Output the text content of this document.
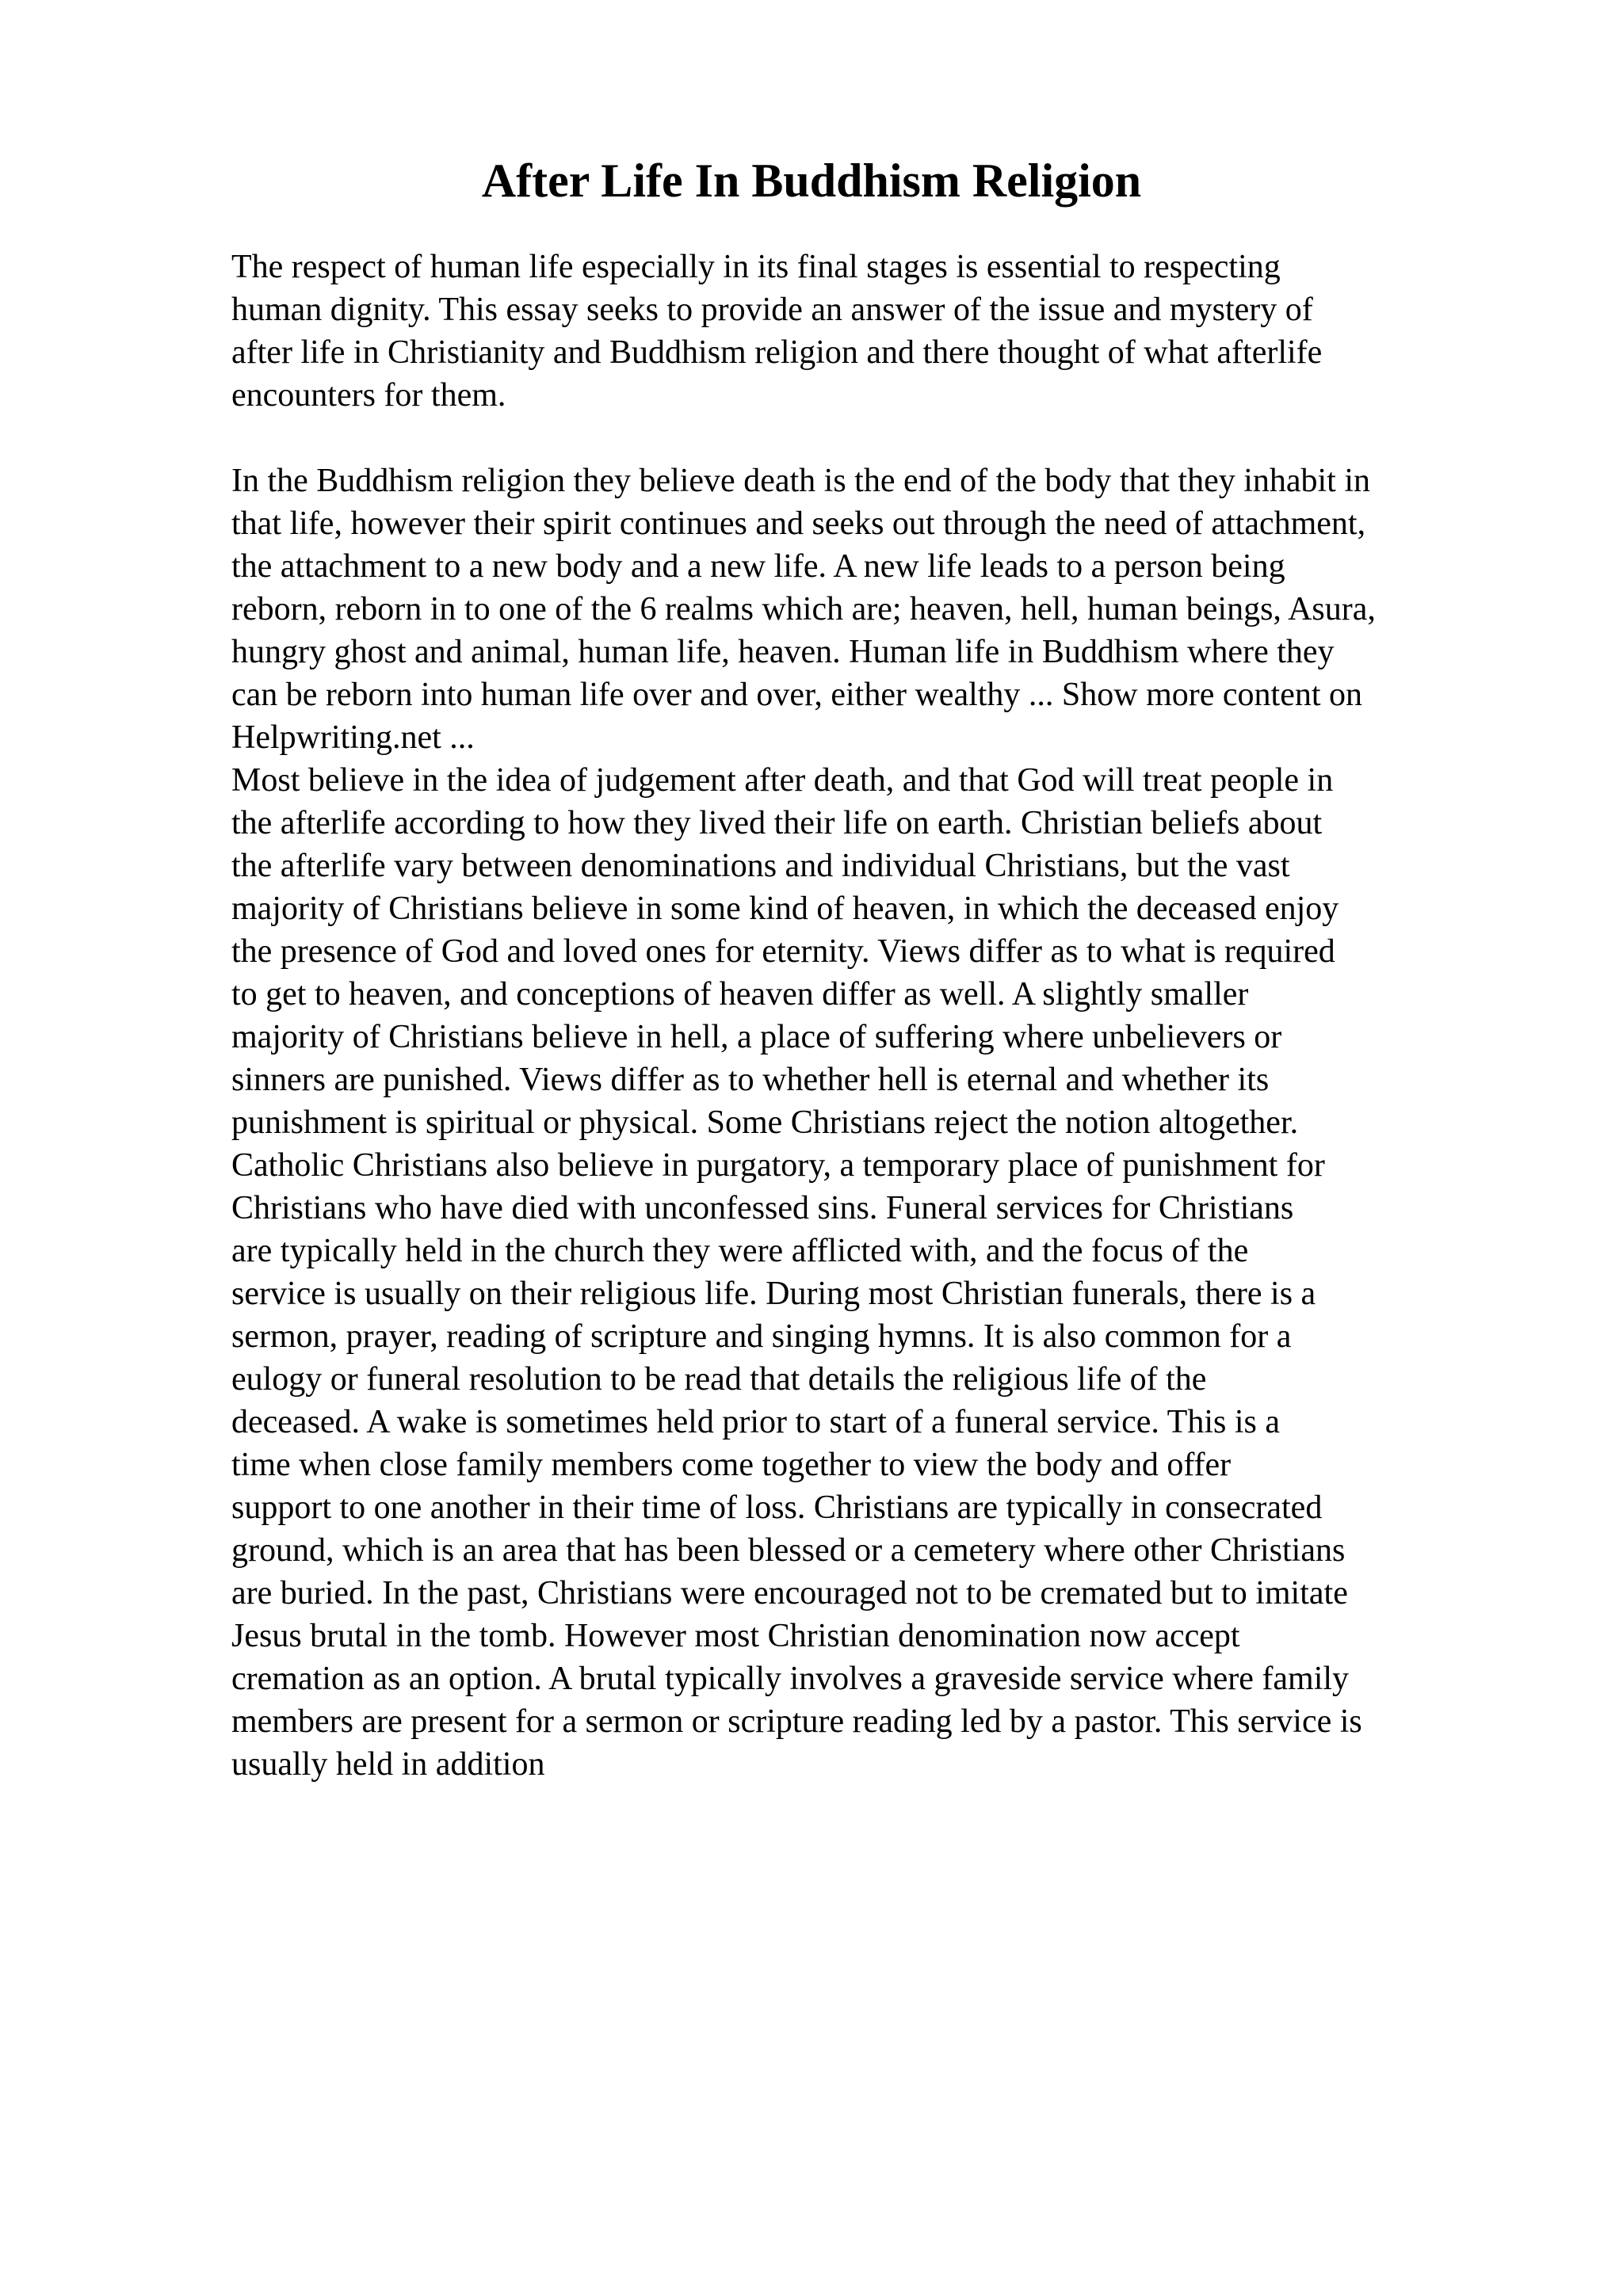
After Life In Buddhism Religion

The respect of human life especially in its final stages is essential to respecting
human dignity. This essay seeks to provide an answer of the issue and mystery of
after life in Christianity and Buddhism religion and there thought of what afterlife
encounters for them.

In the Buddhism religion they believe death is the end of the body that they inhabit in
that life, however their spirit continues and seeks out through the need of attachment,
the attachment to a new body and a new life. A new life leads to a person being
reborn, reborn in to one of the 6 realms which are; heaven, hell, human beings, Asura,
hungry ghost and animal, human life, heaven. Human life in Buddhism where they
can be reborn into human life over and over, either wealthy ... Show more content on
Helpwriting.net ...

Most believe in the idea of judgement after death, and that God will treat people in
the afterlife according to how they lived their life on earth. Christian beliefs about
the afterlife vary between denominations and individual Christians, but the vast
majority of Christians believe in some kind of heaven, in which the deceased enjoy
the presence of God and loved ones for eternity. Views differ as to what is required
to get to heaven, and conceptions of heaven differ as well. A slightly smaller
majority of Christians believe in hell, a place of suffering where unbelievers or
sinners are punished. Views differ as to whether hell is eternal and whether its
punishment is spiritual or physical. Some Christians reject the notion altogether.
Catholic Christians also believe in purgatory, a temporary place of punishment for
Christians who have died with unconfessed sins. Funeral services for Christians
are typically held in the church they were afflicted with, and the focus of the
service is usually on their religious life. During most Christian funerals, there is a
sermon, prayer, reading of scripture and singing hymns. It is also common for a
eulogy or funeral resolution to be read that details the religious life of the
deceased. A wake is sometimes held prior to start of a funeral service. This is a
time when close family members come together to view the body and offer
support to one another in their time of loss. Christians are typically in consecrated
ground, which is an area that has been blessed or a cemetery where other Christians
are buried. In the past, Christians were encouraged not to be cremated but to imitate
Jesus brutal in the tomb. However most Christian denomination now accept
cremation as an option. A brutal typically involves a graveside service where family
members are present for a sermon or scripture reading led by a pastor. This service is
usually held in addition
